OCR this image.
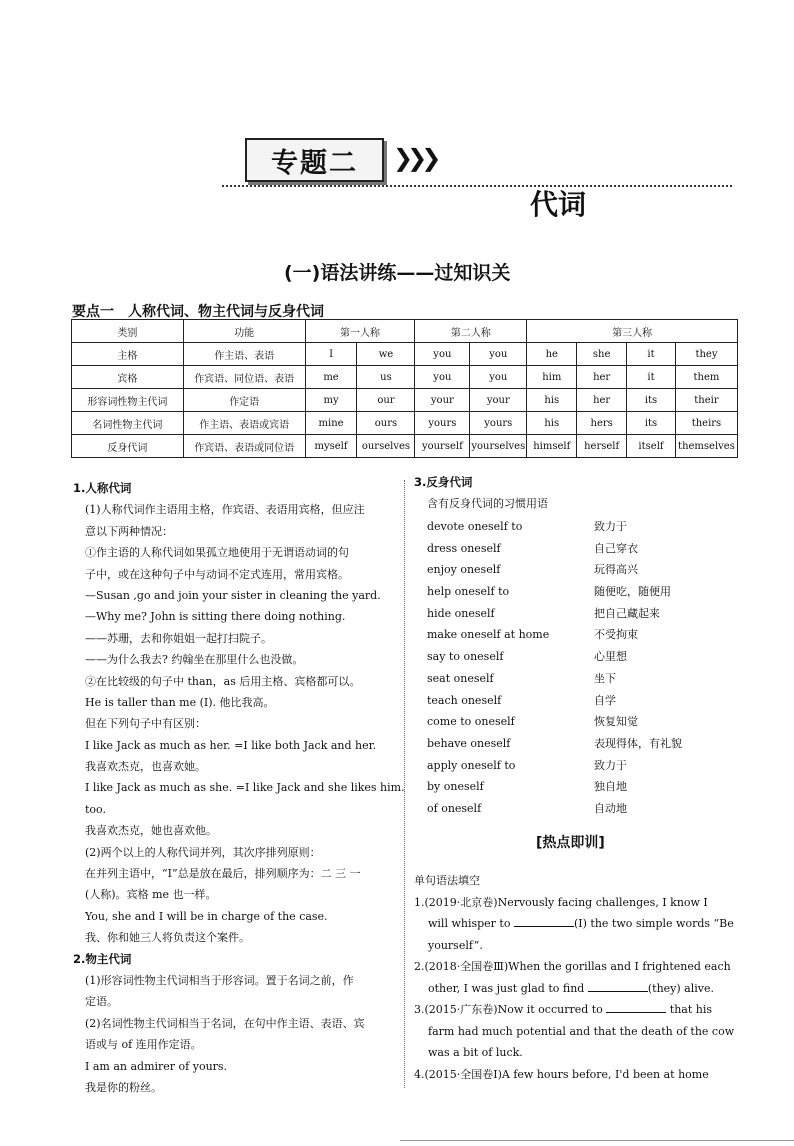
专题二	❯❯❯
代词
(一)语法讲练——过知识关
要点一　人称代词、物主代词与反身代词
类别	功能	第一人称		第二人称		第三人称			
主格	作主语、表语	I	we	you	you	he	she	it	they
宾格	作宾语、同位语、表语	me	us	you	you	him	her	it	them
形容词性物主代词	作定语	my	our	your	your	his	her	its	their
名词性物主代词	作主语、表语或宾语	mine	ours	yours	yours	his	hers	its	theirs
反身代词	作宾语、表语或同位语	myself	ourselves	yourself	yourselves	himself	herself	itself	themselves
1.人称代词
(1)人称代词作主语用主格，作宾语、表语用宾格，但应注
意以下两种情况：
①作主语的人称代词如果孤立地使用于无谓语动词的句
子中，或在这种句子中与动词不定式连用，常用宾格。
—Susan ,go and join your sister in cleaning the yard.
—Why me? John is sitting there doing nothing.
——苏珊，去和你姐姐一起打扫院子。
——为什么我去? 约翰坐在那里什么也没做。
②在比较级的句子中 than，as 后用主格、宾格都可以。
He is taller than me (I). 他比我高。
但在下列句子中有区别：
I like Jack as much as her. =I like both Jack and her.
我喜欢杰克，也喜欢她。
I like Jack as much as she. =I like Jack and she likes him.
too.
我喜欢杰克，她也喜欢他。
(2)两个以上的人称代词并列，其次序排列原则：
在并列主语中，“I”总是放在最后，排列顺序为：二 三 一
(人称)。宾格 me 也一样。
You, she and I will be in charge of the case.
我、你和她三人将负责这个案件。
2.物主代词
(1)形容词性物主代词相当于形容词。置于名词之前，作
定语。
(2)名词性物主代词相当于名词，在句中作主语、表语、宾
语或与 of 连用作定语。
I am an admirer of yours.
我是你的粉丝。
3.反身代词
含有反身代词的习惯用语
devote oneself to	致力于
dress oneself	自己穿衣
enjoy oneself	玩得高兴
help oneself to	随便吃，随便用
hide oneself	把自己藏起来
make oneself at home	不受拘束
say to oneself	心里想
seat oneself	坐下
teach oneself	自学
come to oneself	恢复知觉
behave oneself	表现得体，有礼貌
apply oneself to	致力于
by oneself	独自地
of oneself	自动地
[热点即训]
单句语法填空
1.(2019·北京卷)Nervously facing challenges, I know I
will whisper to	(I) the two simple words “Be
yourself”.
2.(2018·全国卷Ⅲ)When the gorillas and I frightened each
other, I was just glad to find	(they) alive.
3.(2015·广东卷)Now it occurred to	that his
farm had much potential and that the death of the cow
was a bit of luck.
4.(2015·全国卷Ⅰ)A few hours before, I'd been at home
